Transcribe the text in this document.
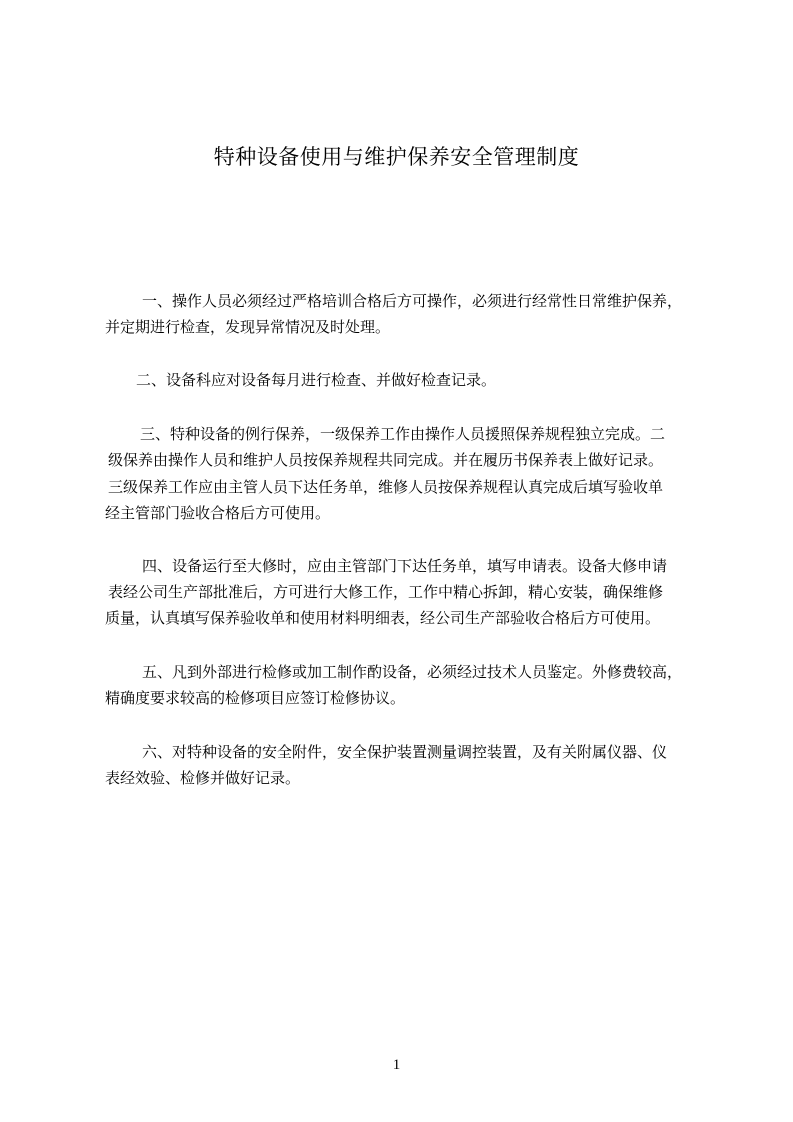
特种设备使用与维护保养安全管理制度
一、操作人员必须经过严格培训合格后方可操作，必须进行经常性日常维护保养，
并定期进行检查，发现异常情况及时处理。
二、设备科应对设备每月进行检查、并做好检查记录。
三、特种设备的例行保养，一级保养工作由操作人员援照保养规程独立完成。二
级保养由操作人员和维护人员按保养规程共同完成。并在履历书保养表上做好记录。
三级保养工作应由主管人员下达任务单，维修人员按保养规程认真完成后填写验收单
经主管部门验收合格后方可使用。
四、设备运行至大修时，应由主管部门下达任务单，填写申请表。设备大修申请
表经公司生产部批准后，方可进行大修工作，工作中精心拆卸，精心安装，确保维修
质量，认真填写保养验收单和使用材料明细表，经公司生产部验收合格后方可使用。
五、凡到外部进行检修或加工制作酌设备，必须经过技术人员鉴定。外修费较高，
精确度要求较高的检修项目应签订检修协议。
六、对特种设备的安全附件，安全保护装置测量调控装置，及有关附属仪器、仪
表经效验、检修并做好记录。
1
